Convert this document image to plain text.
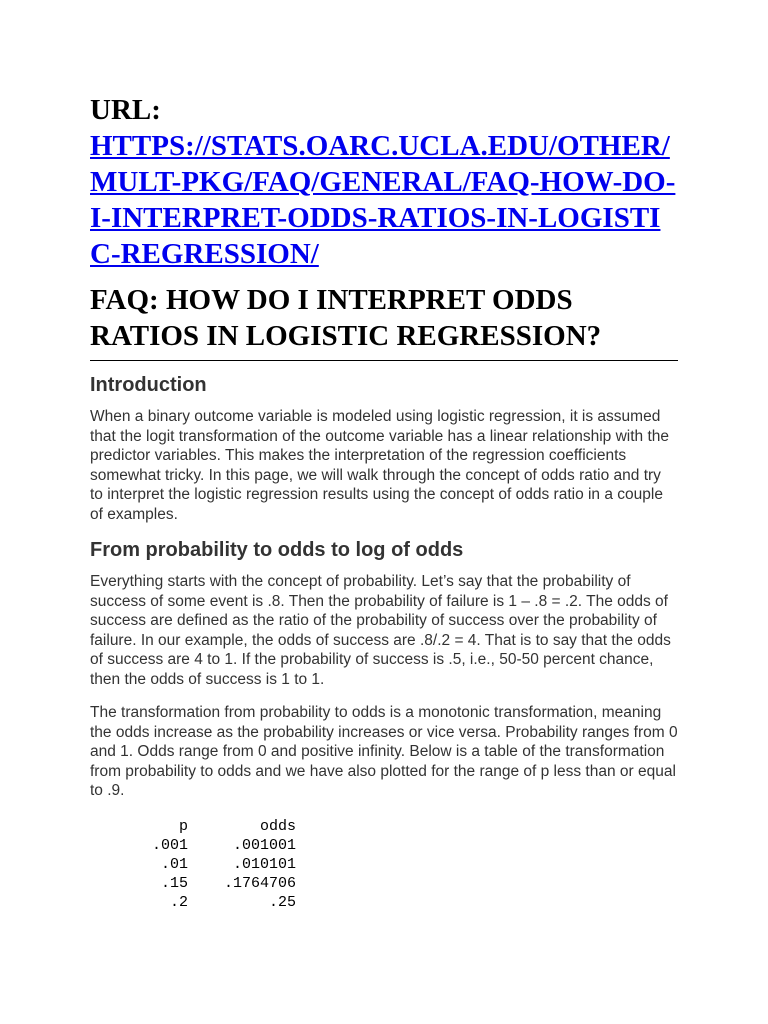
URL:
HTTPS://STATS.OARC.UCLA.EDU/OTHER/MULT-PKG/FAQ/GENERAL/FAQ-HOW-DO-I-INTERPRET-ODDS-RATIOS-IN-LOGISTIC-REGRESSION/
FAQ: HOW DO I INTERPRET ODDS RATIOS IN LOGISTIC REGRESSION?
Introduction

When a binary outcome variable is modeled using logistic regression, it is assumed that the logit transformation of the outcome variable has a linear relationship with the predictor variables. This makes the interpretation of the regression coefficients somewhat tricky. In this page, we will walk through the concept of odds ratio and try to interpret the logistic regression results using the concept of odds ratio in a couple of examples.

From probability to odds to log of odds

Everything starts with the concept of probability. Let’s say that the probability of success of some event is .8. Then the probability of failure is 1 – .8 = .2. The odds of success are defined as the ratio of the probability of success over the probability of failure. In our example, the odds of success are .8/.2 = 4. That is to say that the odds of success are 4 to 1. If the probability of success is .5, i.e., 50-50 percent chance, then the odds of success is 1 to 1.

The transformation from probability to odds is a monotonic transformation, meaning the odds increase as the probability increases or vice versa. Probability ranges from 0 and 1. Odds range from 0 and positive infinity. Below is a table of the transformation from probability to odds and we have also plotted for the range of p less than or equal to .9.

p	odds
.001	.001001
.01	.010101
.15	.1764706
.2	.25
